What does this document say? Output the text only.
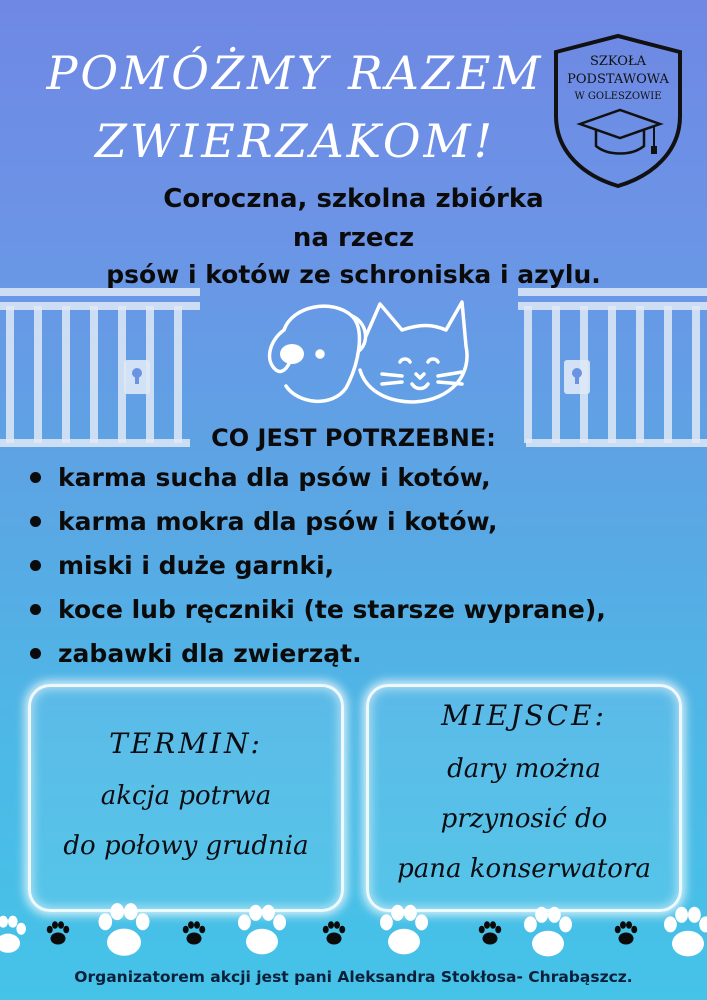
POMÓŻMY RAZEM
ZWIERZAKOM!
SZKOŁA
PODSTAWOWA
W GOLESZOWIE
Coroczna, szkolna zbiórka
na rzecz
psów i kotów ze schroniska i azylu.
CO JEST POTRZEBNE:
karma sucha dla psów i kotów,
karma mokra dla psów i kotów,
miski i duże garnki,
koce lub ręczniki (te starsze wyprane),
zabawki dla zwierząt.
TERMIN:
akcja potrwa
do połowy grudnia
MIEJSCE:
dary można
przynosić do
pana konserwatora
Organizatorem akcji jest pani Aleksandra Stokłosa- Chrabąszcz.
